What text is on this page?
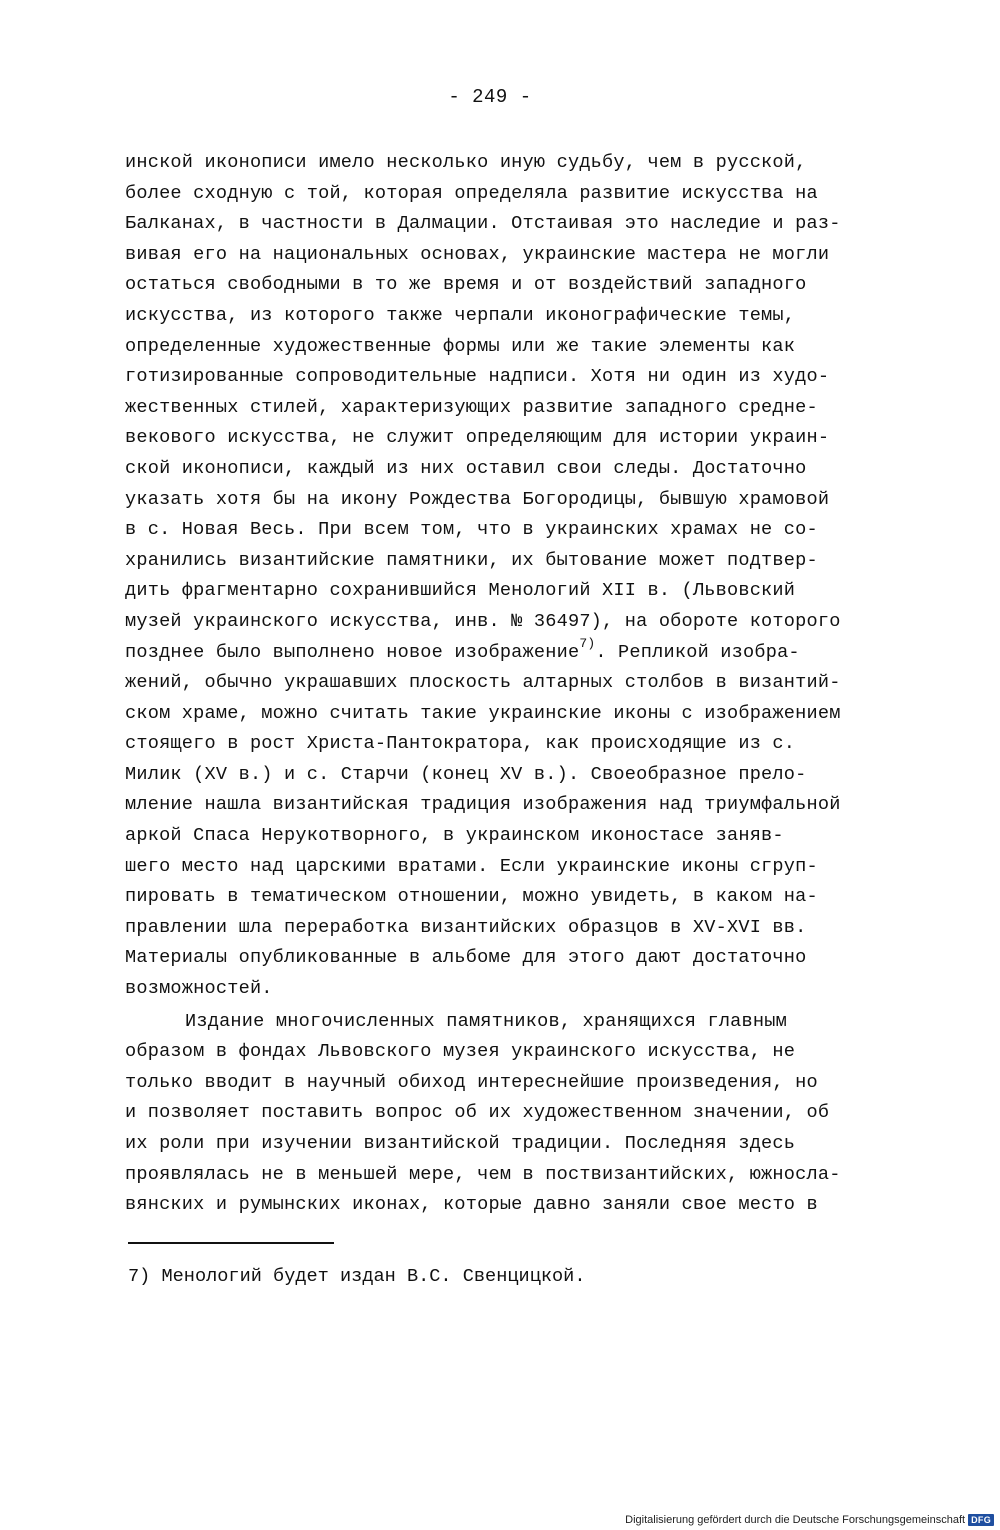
- 249 -
инской иконописи имело несколько иную судьбу, чем в русской,
более сходную с той, которая определяла развитие искусства на
Балканах, в частности в Далмации. Отстаивая это наследие и раз-
вивая его на национальных основах, украинские мастера не могли
остаться свободными в то же время и от воздействий западного
искусства, из которого также черпали иконографические темы,
определенные художественные формы или же такие элементы как
готизированные сопроводительные надписи. Хотя ни один из худо-
жественных стилей, характеризующих развитие западного средне-
векового искусства, не служит определяющим для истории украин-
ской иконописи, каждый из них оставил свои следы. Достаточно
указать хотя бы на икону Рождества Богородицы, бывшую храмовой
в с. Новая Весь. При всем том, что в украинских храмах не со-
хранились византийские памятники, их бытование может подтвер-
дить фрагментарно сохранившийся Менологий XII в. (Львовский
музей украинского искусства, инв. № 36497), на обороте которого
позднее было выполнено новое изображение$^{7)}$. Репликой изобра-
жений, обычно украшавших плоскость алтарных столбов в византий-
ском храме, можно считать такие украинские иконы с изображением
стоящего в рост Христа-Пантократора, как происходящие из с.
Милик (XV в.) и с. Старчи (конец XV в.). Своеобразное прело-
мление нашла византийская традиция изображения над триумфальной
аркой Спаса Нерукотворного, в украинском иконостасе заняв-
шего место над царскими вратами. Если украинские иконы сгруп-
пировать в тематическом отношении, можно увидеть, в каком на-
правлении шла переработка византийских образцов в XV-XVI вв.
Материалы опубликованные в альбоме для этого дают достаточно
возможностей.
Издание многочисленных памятников, хранящихся главным
образом в фондах Львовского музея украинского искусства, не
только вводит в научный обиход интереснейшие произведения, но
и позволяет поставить вопрос об их художественном значении, об
их роли при изучении византийской традиции. Последняя здесь
проявлялась не в меньшей мере, чем в поствизантийских, южносла-
вянских и румынских иконах, которые давно заняли свое место в
7) Менологий будет издан В.С. Свенцицкой.
Digitalisierung gefördert durch die Deutsche Forschungsgemeinschaft DFG
